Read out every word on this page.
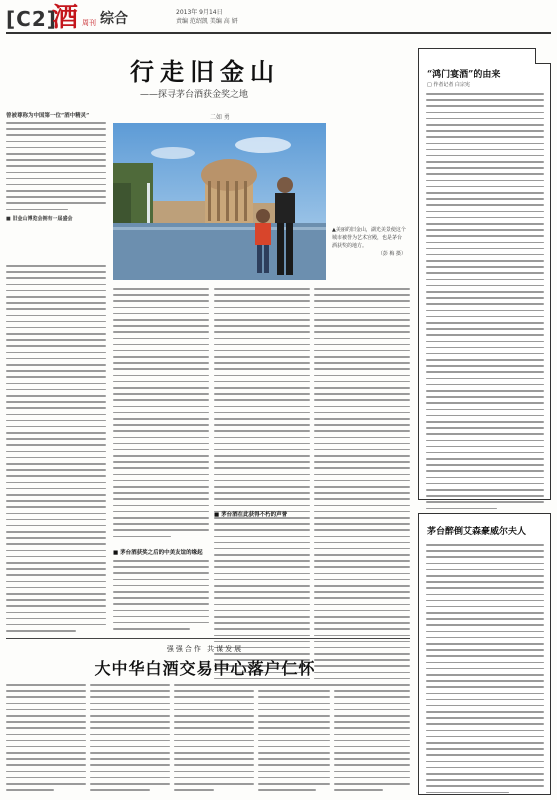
[C2]
酒 周刊 综合	2013年 9月14日
责编 范绍凯 美编 高 妍
行走旧金山
——探寻茅台酒获金奖之地
二如 勇
曾被尊称为中国第一位“酒中精灵”
■ 旧金山博览会拥有一届盛会
▲美丽的旧金山，湖光美景使这个城市被誉为艺术宫殿，也是茅台酒获奖的地方。
（彭 梅 摄）
■ 茅台酒获奖之后的中美友谊的缘起
■ 茅台酒在此获得不朽的声誉
“鸿门宴酒”的由来
□ 作者记者 白宗宪
茅台醉倒艾森豪威尔夫人
强强合作 共谋发展
大中华白酒交易中心落户仁怀
